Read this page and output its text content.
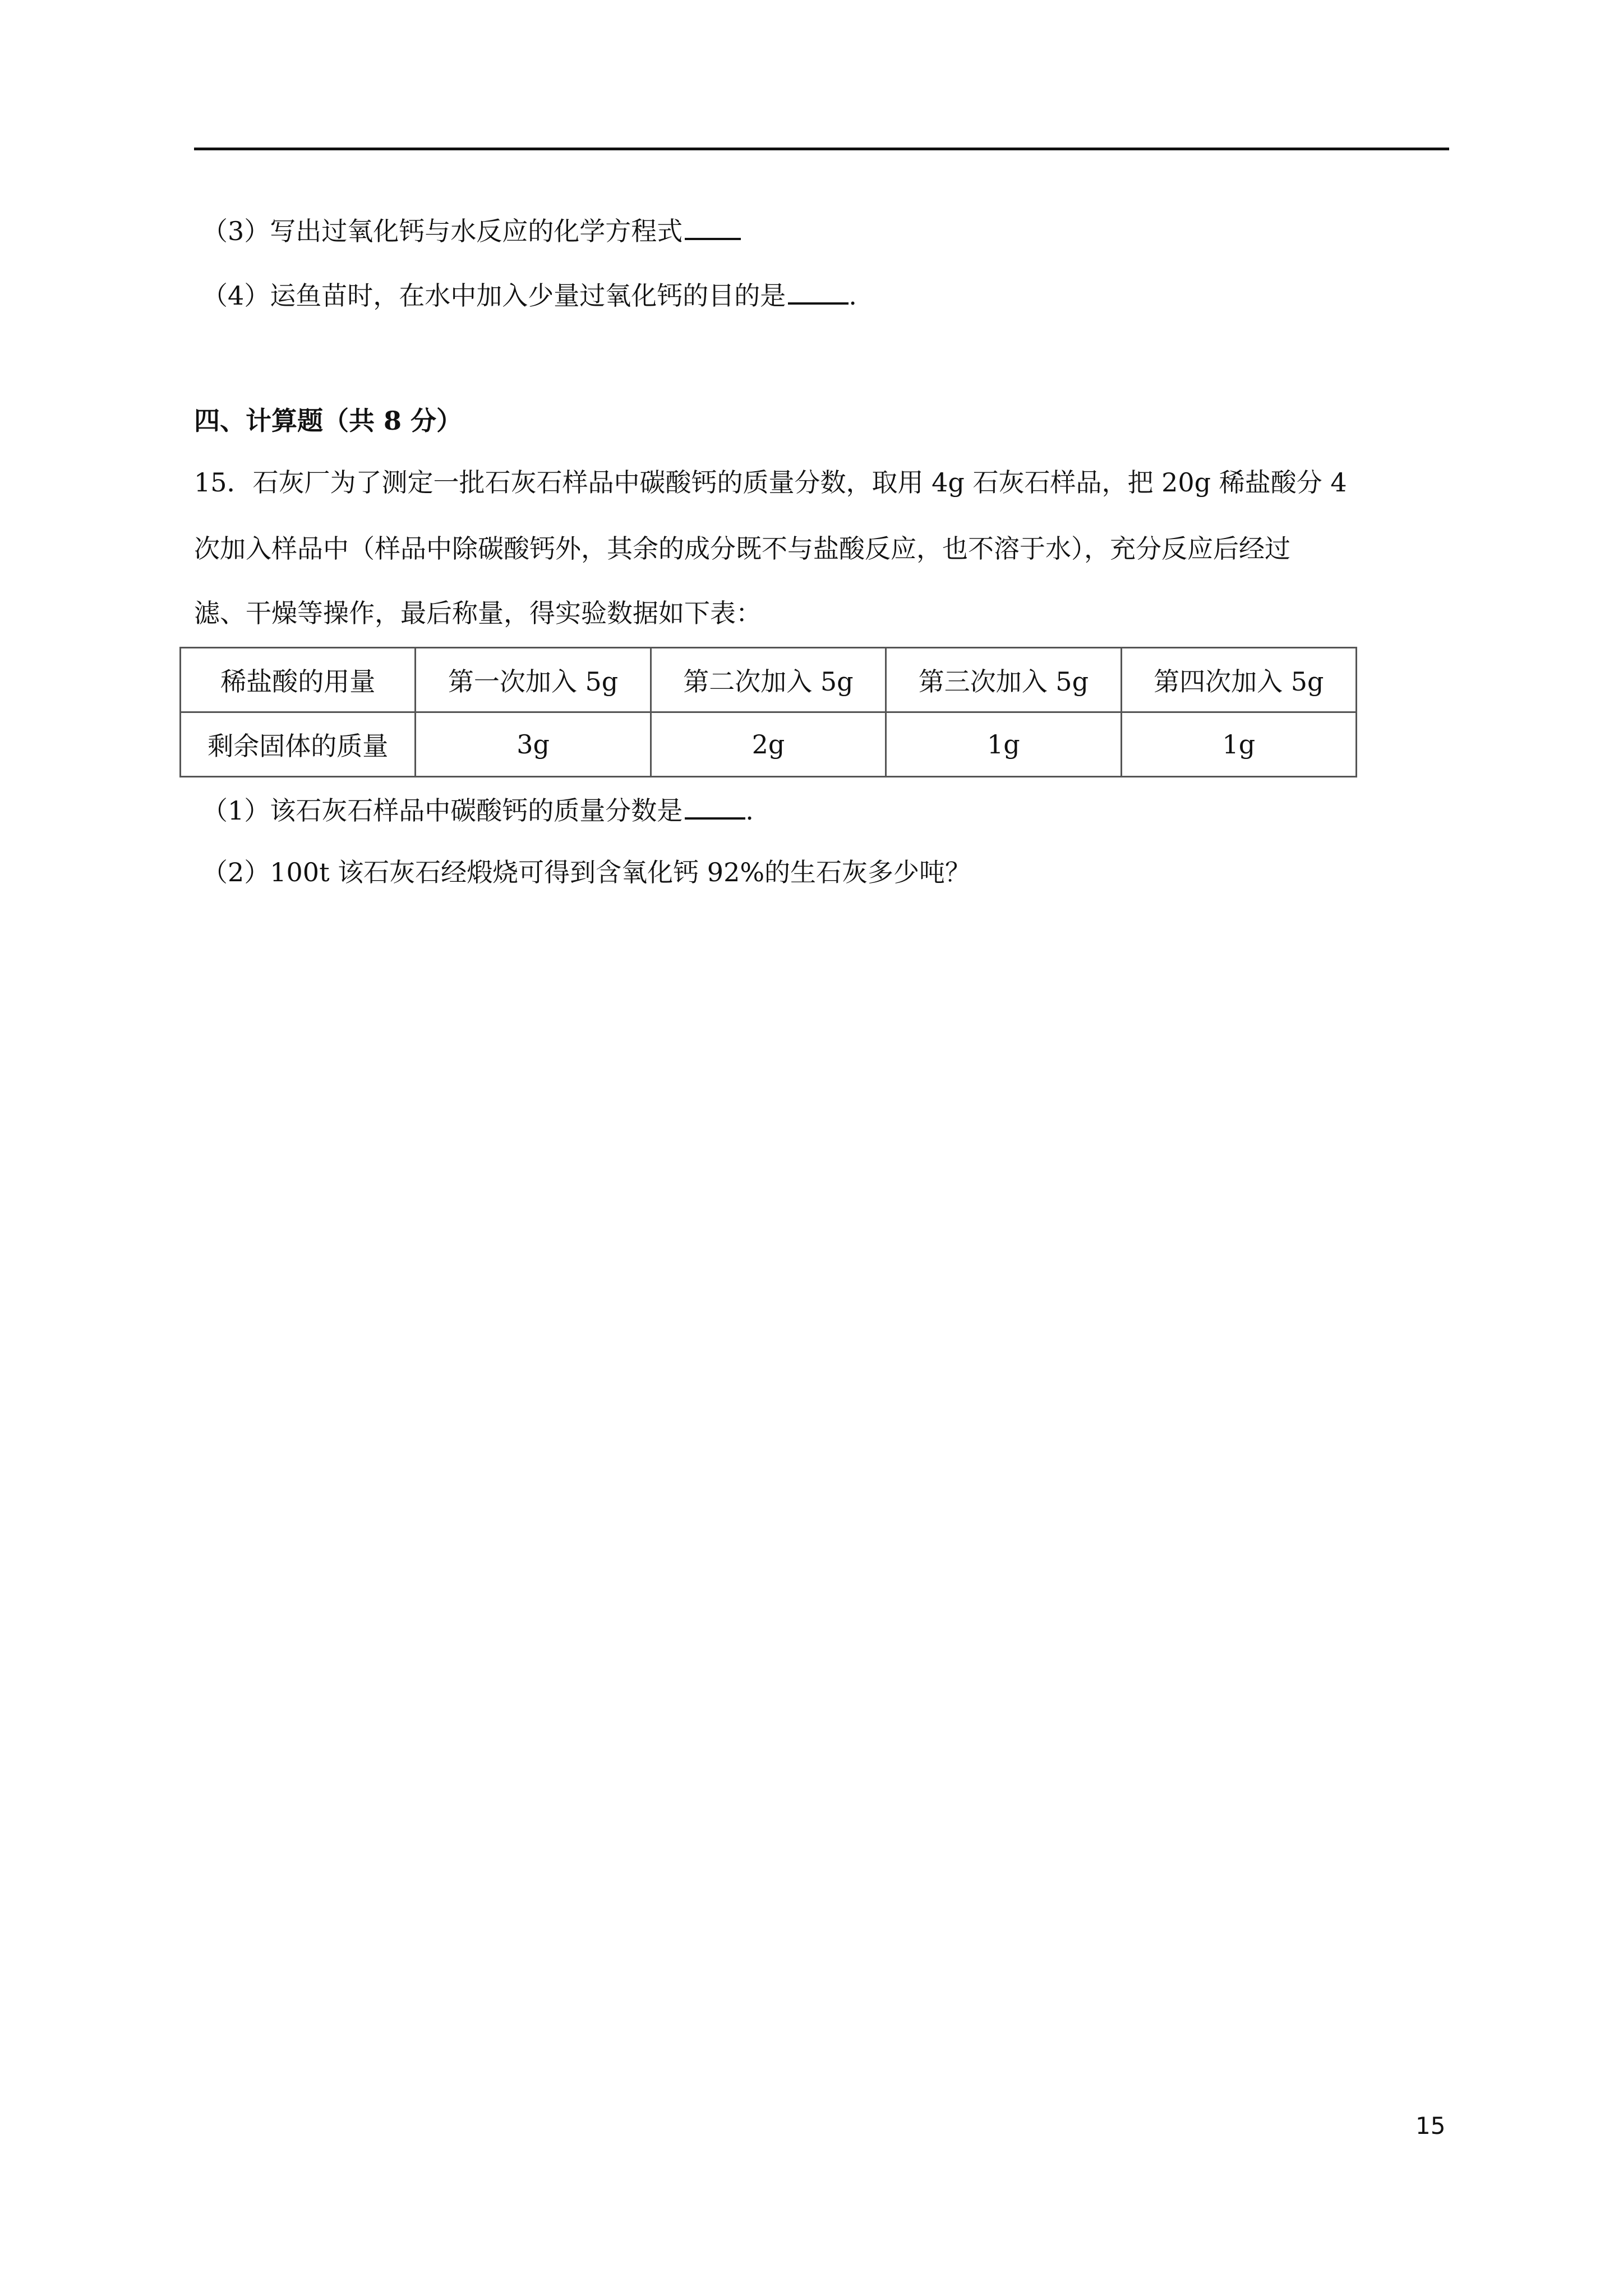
（3）写出过氧化钙与水反应的化学方程式
（4）运鱼苗时，在水中加入少量过氧化钙的目的是 .
四、计算题（共 8 分）
15．石灰厂为了测定一批石灰石样品中碳酸钙的质量分数，取用 4g 石灰石样品，把 20g 稀盐酸分 4
次加入样品中（样品中除碳酸钙外，其余的成分既不与盐酸反应，也不溶于水），充分反应后经过
滤、干燥等操作，最后称量，得实验数据如下表：
稀盐酸的用量	第一次加入 5g	第二次加入 5g	第三次加入 5g	第四次加入 5g
剩余固体的质量	3g	2g	1g	1g
（1）该石灰石样品中碳酸钙的质量分数是 .
（2）100t 该石灰石经煅烧可得到含氧化钙 92%的生石灰多少吨？
15
